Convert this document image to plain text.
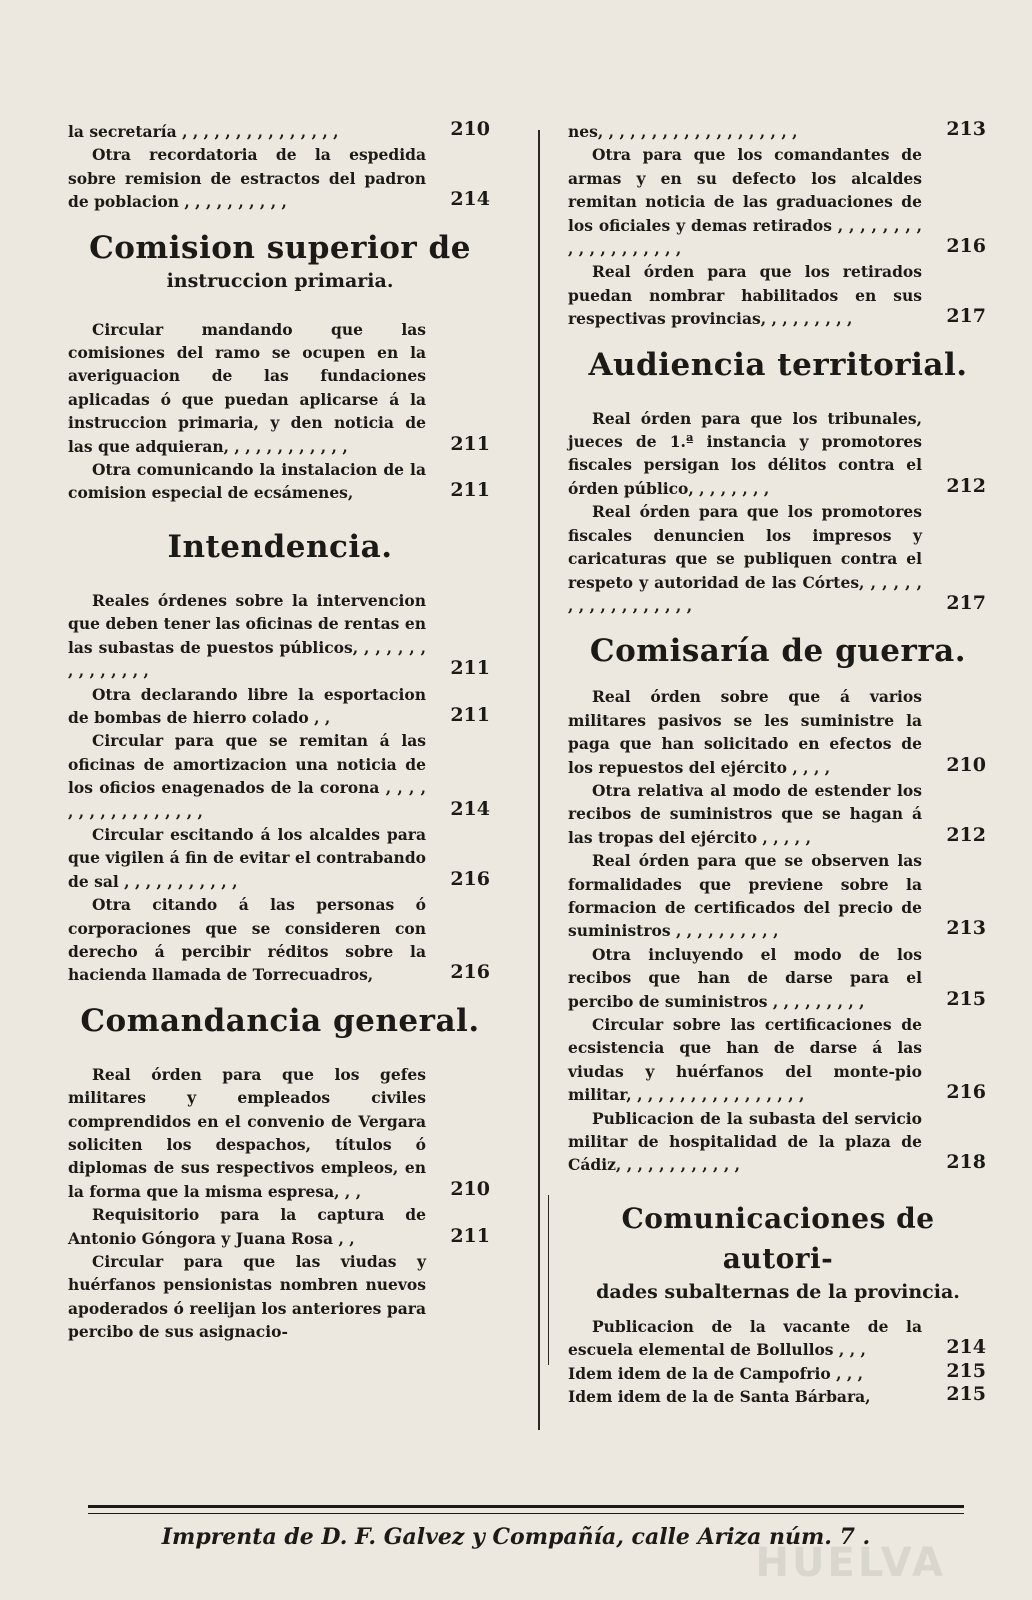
la secretaría , , , , , , , , , , , , , , ,	210
Otra recordatoria de la espedida sobre remision de estractos del padron de poblacion , , , , , , , , , ,	214
Comision superior de
instruccion primaria.
Circular mandando que las comisiones del ramo se ocupen en la averiguacion de las fundaciones aplicadas ó que puedan aplicarse á la instruccion primaria, y den noticia de las que adquieran, , , , , , , , , , , ,	211
Otra comunicando la instalacion de la comision especial de ecsámenes,	211
Intendencia.
Reales órdenes sobre la intervencion que deben tener las oficinas de rentas en las subastas de puestos públicos, , , , , , , , , , , , , , ,	211
Otra declarando libre la esportacion de bombas de hierro colado , ,	211
Circular para que se remitan á las oficinas de amortizacion una noticia de los oficios enagenados de la corona , , , , , , , , , , , , , , , , ,	214
Circular escitando á los alcaldes para que vigilen á fin de evitar el contrabando de sal , , , , , , , , , , ,	216
Otra citando á las personas ó corporaciones que se consideren con derecho á percibir réditos sobre la hacienda llamada de Torrecuadros,	216
Comandancia general.
Real órden para que los gefes militares y empleados civiles comprendidos en el convenio de Vergara soliciten los despachos, títulos ó diplomas de sus respectivos empleos, en la forma que la misma espresa, , ,	210
Requisitorio para la captura de Antonio Góngora y Juana Rosa , ,	211
Circular para que las viudas y huérfanos pensionistas nombren nuevos apoderados ó reelijan los anteriores para percibo de sus asignacio-
nes, , , , , , , , , , , , , , , , , , ,	213
Otra para que los comandantes de armas y en su defecto los alcaldes remitan noticia de las graduaciones de los oficiales y demas retirados , , , , , , , , , , , , , , , , , , ,	216
Real órden para que los retirados puedan nombrar habilitados en sus respectivas provincias, , , , , , , , ,	217
Audiencia territorial.
Real órden para que los tribunales, jueces de 1.ª instancia y promotores fiscales persigan los délitos contra el órden público, , , , , , , ,	212
Real órden para que los promotores fiscales denuncien los impresos y caricaturas que se publiquen contra el respeto y autoridad de las Córtes, , , , , , , , , , , , , , , , , ,	217
Comisaría de guerra.
Real órden sobre que á varios militares pasivos se les suministre la paga que han solicitado en efectos de los repuestos del ejército , , , ,	210
Otra relativa al modo de estender los recibos de suministros que se hagan á las tropas del ejército , , , , ,	212
Real órden para que se observen las formalidades que previene sobre la formacion de certificados del precio de suministros , , , , , , , , , ,	213
Otra incluyendo el modo de los recibos que han de darse para el percibo de suministros , , , , , , , , ,	215
Circular sobre las certificaciones de ecsistencia que han de darse á las viudas y huérfanos del monte-pio militar, , , , , , , , , , , , , , , , ,	216
Publicacion de la subasta del servicio militar de hospitalidad de la plaza de Cádiz, , , , , , , , , , , ,	218
Comunicaciones de autori-
dades subalternas de la provincia.
Publicacion de la vacante de la escuela elemental de Bollullos , , ,	214
Idem idem de la de Campofrio , , ,	215
Idem idem de la de Santa Bárbara,	215
Imprenta de D. F. Galvez y Compañía, calle Ariza núm. 7 .
HUELVA
